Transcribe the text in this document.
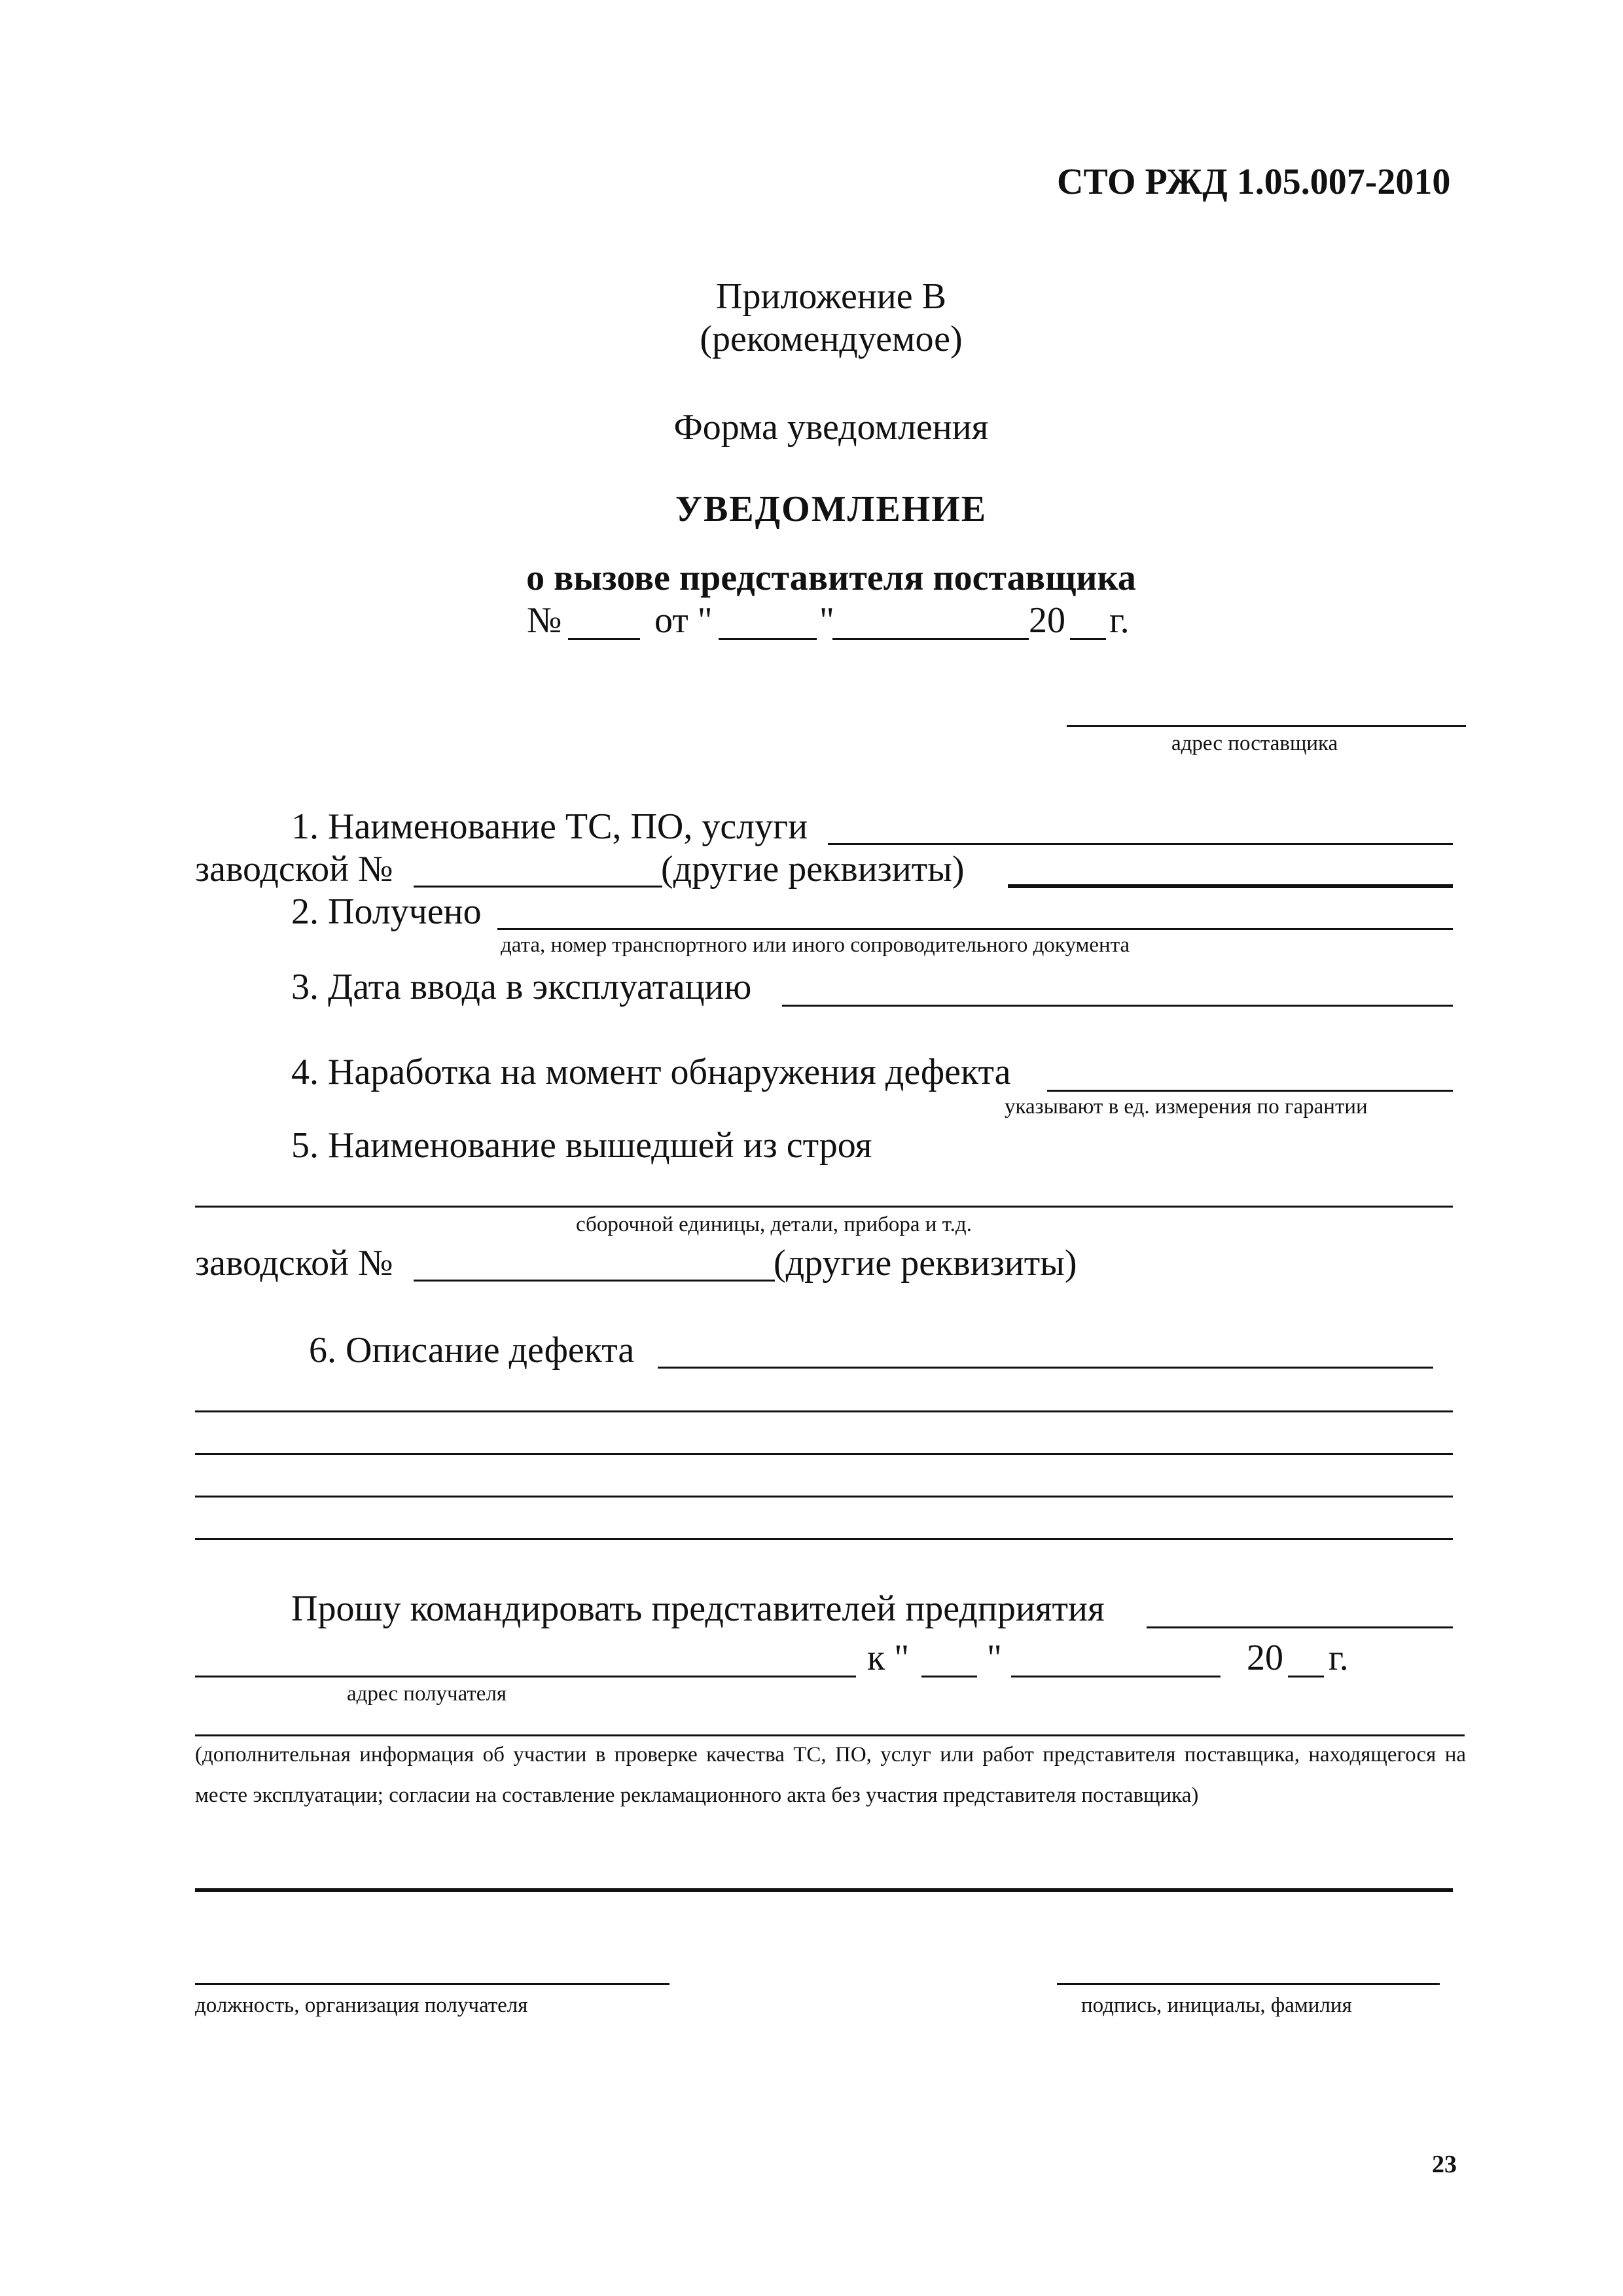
СТО РЖД 1.05.007-2010
Приложение В
(рекомендуемое)
Форма уведомления
УВЕДОМЛЕНИЕ
о вызове представителя поставщика
№	от "	"	20 г.
адрес поставщика
1. Наименование ТС, ПО, услуги
заводской №	(другие реквизиты)
2. Получено
дата, номер транспортного или иного сопроводительного документа
3. Дата ввода в эксплуатацию
4. Наработка на момент обнаружения дефекта
указывают в ед. измерения по гарантии
5. Наименование вышедшей из строя
сборочной единицы, детали, прибора и т.д.
заводской №	(другие реквизиты)
6. Описание дефекта
Прошу командировать представителей предприятия
к " "	20 г.
адрес получателя
(дополнительная информация об участии в проверке качества ТС, ПО, услуг или работ представителя поставщика, находящегося на месте эксплуатации; согласии на составление рекламационного акта без участия представителя поставщика)
должность, организация получателя	подпись, инициалы, фамилия
23
